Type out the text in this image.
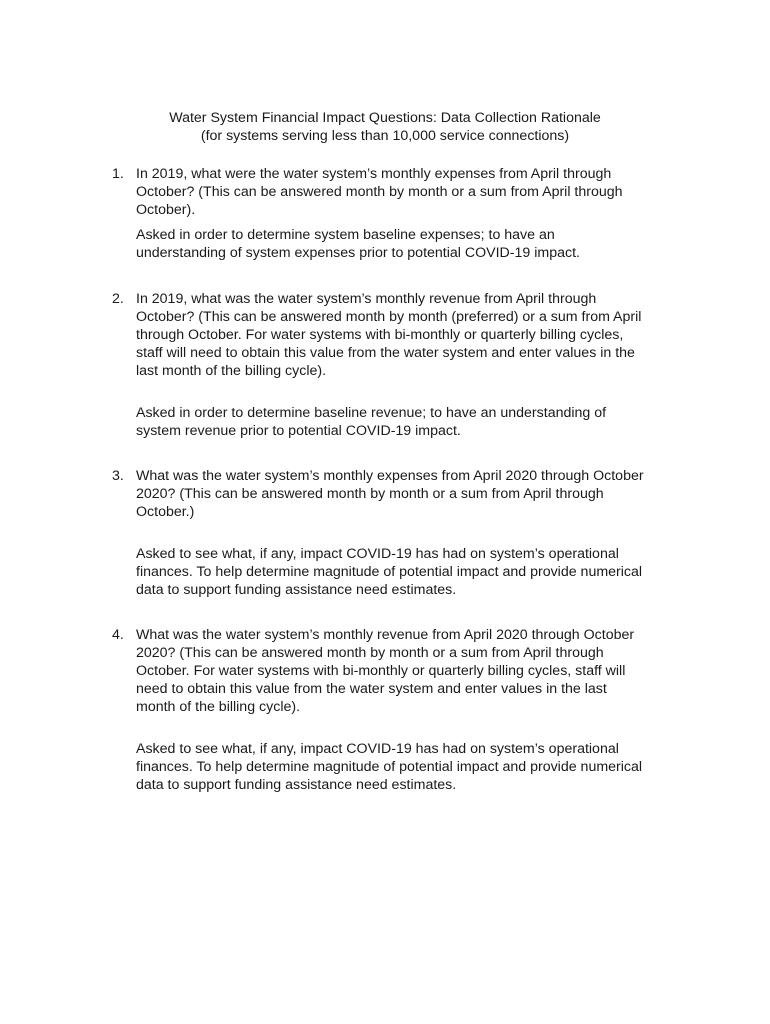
Water System Financial Impact Questions: Data Collection Rationale
(for systems serving less than 10,000 service connections)
1. In 2019, what were the water system’s monthly expenses from April through
October? (This can be answered month by month or a sum from April through
October).
Asked in order to determine system baseline expenses; to have an
understanding of system expenses prior to potential COVID-19 impact.
2. In 2019, what was the water system’s monthly revenue from April through
October? (This can be answered month by month (preferred) or a sum from April
through October. For water systems with bi-monthly or quarterly billing cycles,
staff will need to obtain this value from the water system and enter values in the
last month of the billing cycle).
Asked in order to determine baseline revenue; to have an understanding of
system revenue prior to potential COVID-19 impact.
3. What was the water system’s monthly expenses from April 2020 through October
2020? (This can be answered month by month or a sum from April through
October.)
Asked to see what, if any, impact COVID-19 has had on system’s operational
finances. To help determine magnitude of potential impact and provide numerical
data to support funding assistance need estimates.
4. What was the water system’s monthly revenue from April 2020 through October
2020? (This can be answered month by month or a sum from April through
October. For water systems with bi-monthly or quarterly billing cycles, staff will
need to obtain this value from the water system and enter values in the last
month of the billing cycle).
Asked to see what, if any, impact COVID-19 has had on system’s operational
finances. To help determine magnitude of potential impact and provide numerical
data to support funding assistance need estimates.
